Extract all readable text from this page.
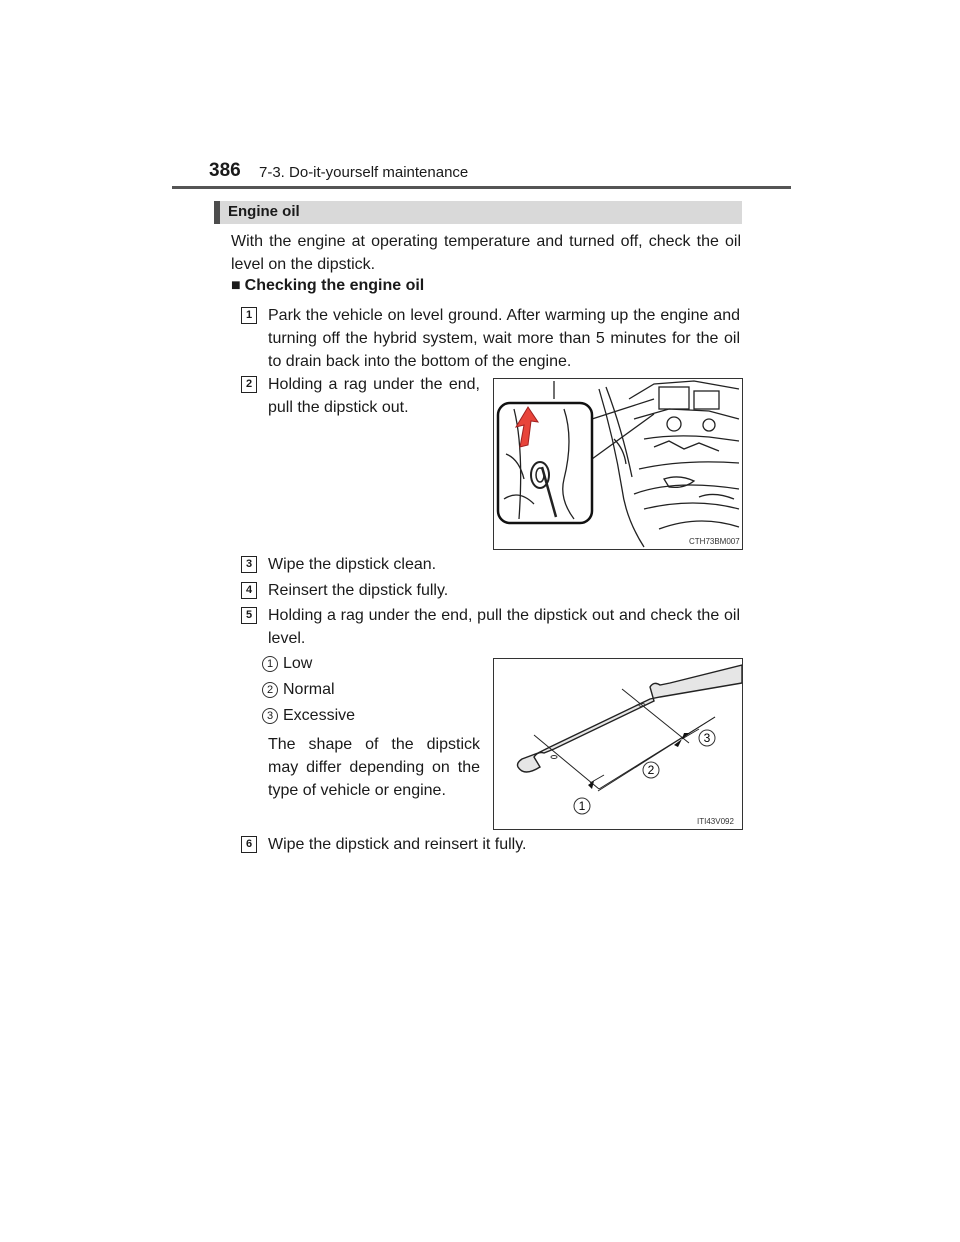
386 7-3. Do-it-yourself maintenance
Engine oil
With the engine at operating temperature and turned off, check the oil level on the dipstick.
■ Checking the engine oil
1 Park the vehicle on level ground. After warming up the engine and turning off the hybrid system, wait more than 5 minutes for the oil to drain back into the bottom of the engine.
2 Holding a rag under the end, pull the dipstick out.
CTH73BM007
3 Wipe the dipstick clean.
4 Reinsert the dipstick fully.
5 Holding a rag under the end, pull the dipstick out and check the oil level.
1 Low
2 Normal
3 Excessive
The shape of the dipstick may differ depending on the type of vehicle or engine.
3
2
1
ITI43V092
6 Wipe the dipstick and reinsert it fully.
